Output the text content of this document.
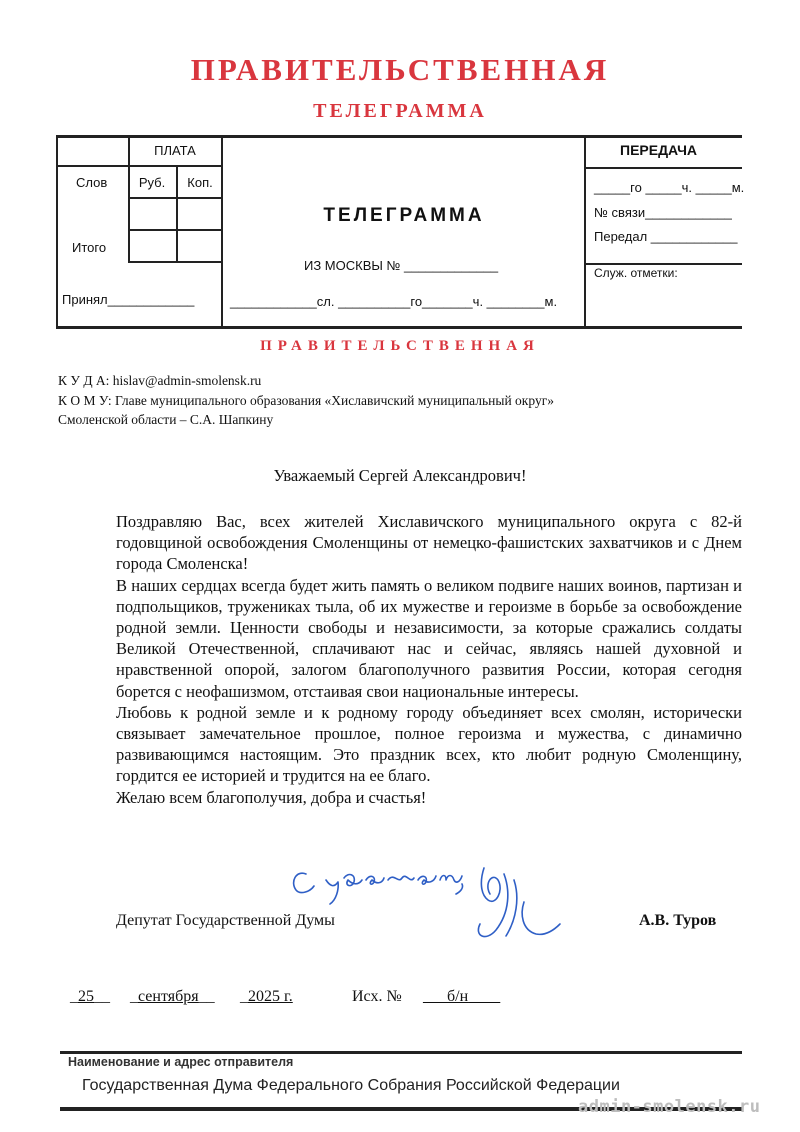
ПРАВИТЕЛЬСТВЕННАЯ
ТЕЛЕГРАММА
ПЛАТА
Слов	Руб.	Коп.
Итого
Принял____________
ТЕЛЕГРАММА
ИЗ МОСКВЫ № _____________
____________сл. __________го_______ч. ________м.
ПЕРЕДАЧА
_____го _____ч. _____м.
№ связи____________
Передал ____________
Служ. отметки:
ПРАВИТЕЛЬСТВЕННАЯ
К У Д А: hislav@admin-smolensk.ru
К О М У: Главе муниципального образования «Хиславичский муниципальный округ»
Смоленской области – С.А. Шапкину
Уважаемый Сергей Александрович!

Поздравляю Вас, всех жителей Хиславичского муниципального округа с 82-й годовщиной освобождения Смоленщины от немецко-фашистских захватчиков и с Днем города Смоленска!

В наших сердцах всегда будет жить память о великом подвиге наших воинов, партизан и подпольщиков, тружениках тыла, об их мужестве и героизме в борьбе за освобождение родной земли. Ценности свободы и независимости, за которые сражались солдаты Великой Отечественной, сплачивают нас и сейчас, являясь нашей духовной и нравственной опорой, залогом благополучного развития России, которая сегодня борется с неофашизмом, отстаивая свои национальные интересы.

Любовь к родной земле и к родному городу объединяет всех смолян, исторически связывает замечательное прошлое, полное героизма и мужества, с динамично развивающимся настоящим. Это праздник всех, кто любит родную Смоленщину, гордится ее историей и трудится на ее благо.

Желаю всем благополучия, добра и счастья!

Депутат Государственной Думы	А.В. Туров
С уважением,
_25__ _сентября__ _2025 г.	Исх. № ___б/н____
Наименование и адрес отправителя
Государственная Дума Федерального Собрания Российской Федерации
admin-smolensk.ru
